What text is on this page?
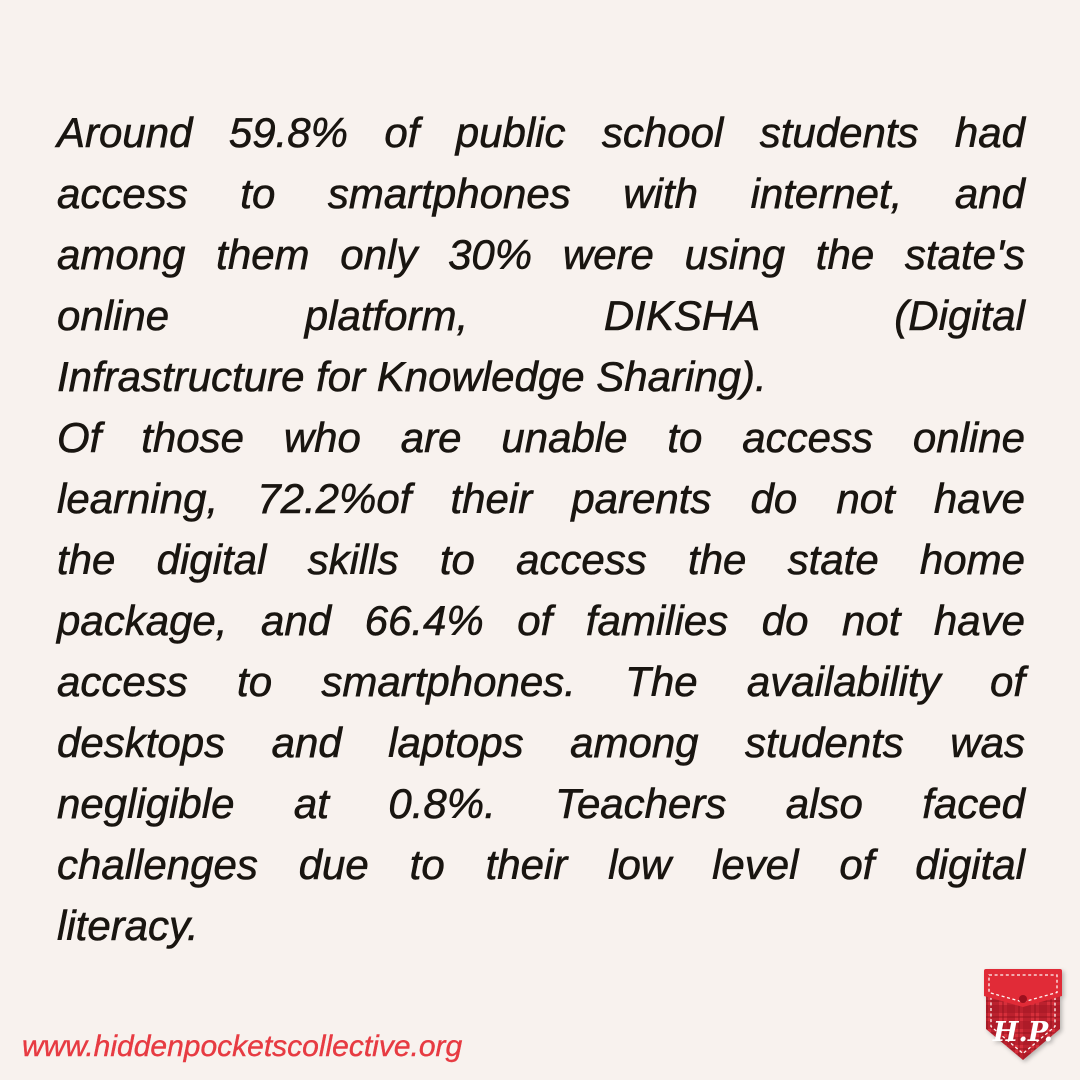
Around 59.8% of public school students had
access to smartphones with internet, and
among them only 30% were using the state's
online platform, DIKSHA (Digital
Infrastructure for Knowledge Sharing).
Of those who are unable to access online
learning, 72.2%of their parents do not have
the digital skills to access the state home
package, and 66.4% of families do not have
access to smartphones. The availability of
desktops and laptops among students was
negligible at 0.8%. Teachers also faced
challenges due to their low level of digital
literacy.
www.hiddenpocketscollective.org	H.P.
